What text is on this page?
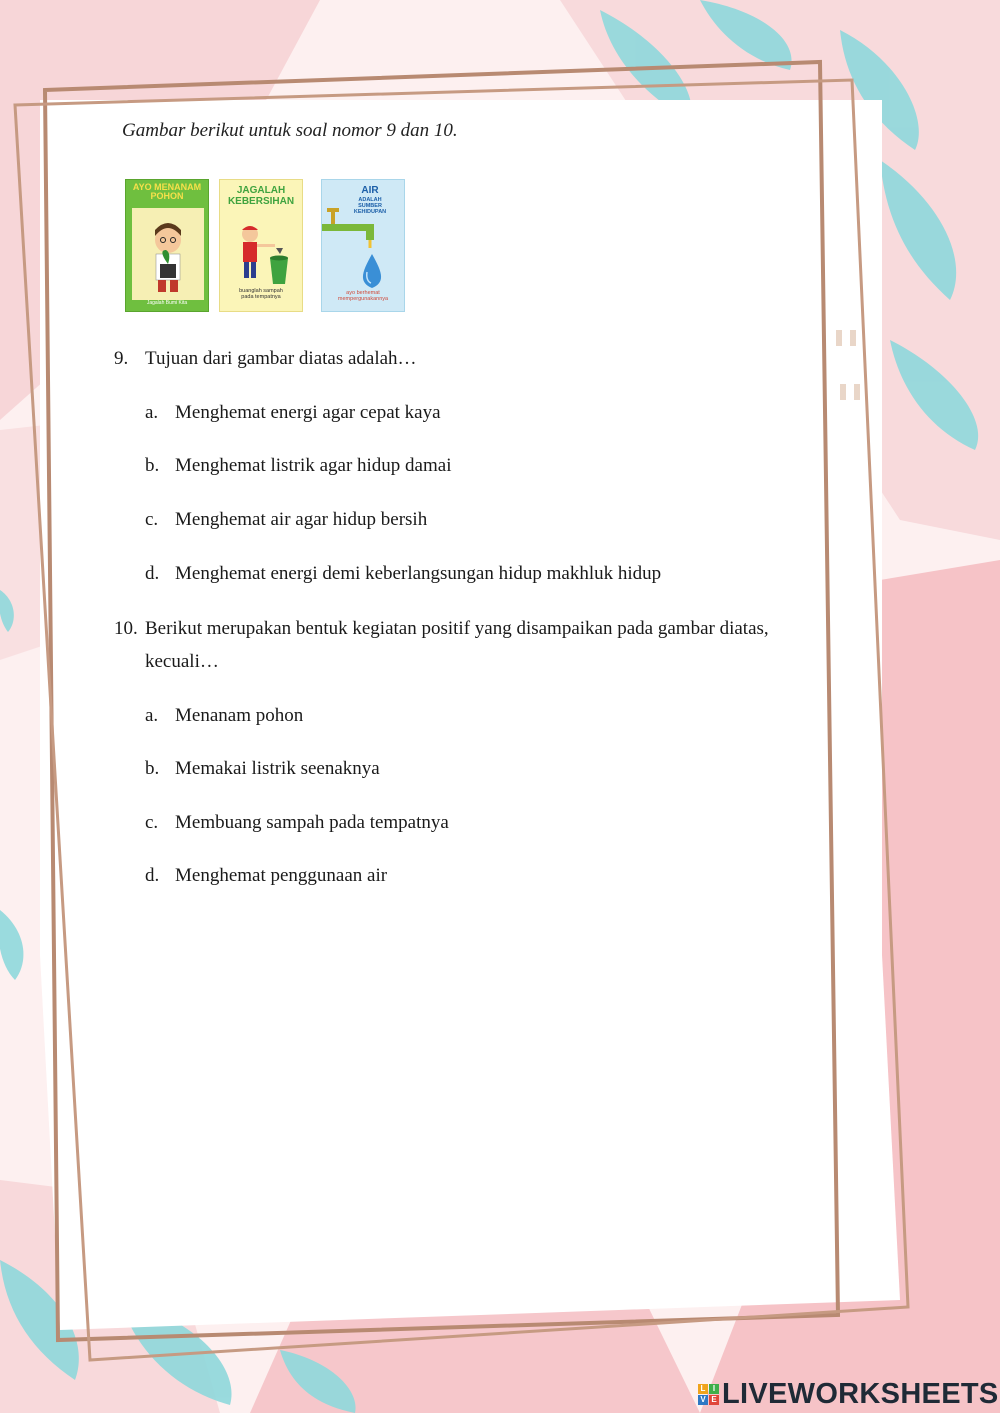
Gambar berikut untuk soal nomor 9 dan 10.
AYO MENANAM POHON
Jagalah Bumi Kita
JAGALAH KEBERSIHAN
buanglah sampah pada tempatnya
AIR
ADALAH SUMBER KEHIDUPAN
ayo berhemat mempergunakannya
9. Tujuan dari gambar diatas adalah…
a. Menghemat energi agar cepat kaya
b. Menghemat listrik agar hidup damai
c. Menghemat air agar hidup bersih
d. Menghemat energi demi keberlangsungan hidup makhluk hidup
10. Berikut merupakan bentuk kegiatan positif yang disampaikan pada gambar diatas,
kecuali…
a. Menanam pohon
b. Memakai listrik seenaknya
c. Membuang sampah pada tempatnya
d. Menghemat penggunaan air
L I
V E LIVEWORKSHEETS
